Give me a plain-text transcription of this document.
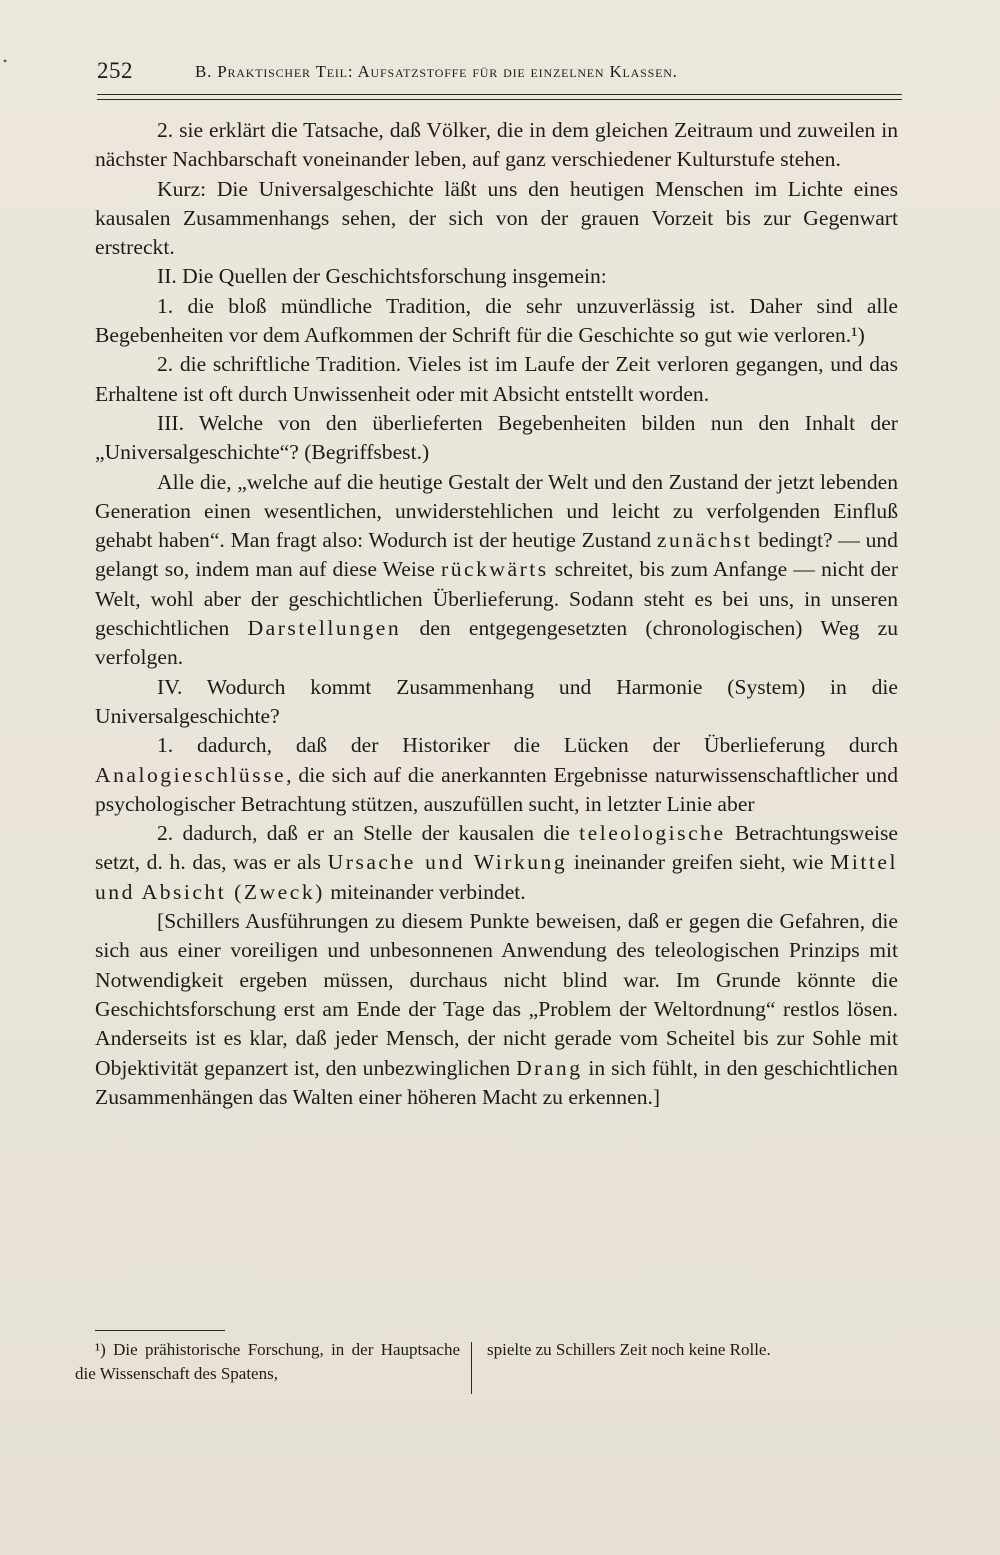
•	252	B. Praktischer Teil: Aufsatzstoffe für die einzelnen Klassen.

2. sie erklärt die Tatsache, daß Völker, die in dem gleichen Zeitraum und zuweilen in nächster Nachbarschaft voneinander leben, auf ganz verschiedener Kulturstufe stehen.

Kurz: Die Universalgeschichte läßt uns den heutigen Menschen im Lichte eines kausalen Zusammenhangs sehen, der sich von der grauen Vorzeit bis zur Gegenwart erstreckt.

II. Die Quellen der Geschichtsforschung insgemein:

1. die bloß mündliche Tradition, die sehr unzuverlässig ist. Daher sind alle Begebenheiten vor dem Aufkommen der Schrift für die Geschichte so gut wie verloren.¹)

2. die schriftliche Tradition. Vieles ist im Laufe der Zeit verloren gegangen, und das Erhaltene ist oft durch Unwissenheit oder mit Absicht entstellt worden.

III. Welche von den überlieferten Begebenheiten bilden nun den Inhalt der „Universalgeschichte“? (Begriffsbest.)

Alle die, „welche auf die heutige Gestalt der Welt und den Zustand der jetzt lebenden Generation einen wesentlichen, unwiderstehlichen und leicht zu verfolgenden Einfluß gehabt haben“. Man fragt also: Wodurch ist der heutige Zustand zunächst bedingt? — und gelangt so, indem man auf diese Weise rückwärts schreitet, bis zum Anfange — nicht der Welt, wohl aber der geschichtlichen Überlieferung. Sodann steht es bei uns, in unseren geschichtlichen Darstellungen den entgegengesetzten (chronologischen) Weg zu verfolgen.

IV. Wodurch kommt Zusammenhang und Harmonie (System) in die Universalgeschichte?

1. dadurch, daß der Historiker die Lücken der Überlieferung durch Analogieschlüsse, die sich auf die anerkannten Ergebnisse naturwissenschaftlicher und psychologischer Betrachtung stützen, auszufüllen sucht, in letzter Linie aber

2. dadurch, daß er an Stelle der kausalen die teleologische Betrachtungsweise setzt, d. h. das, was er als Ursache und Wirkung ineinander greifen sieht, wie Mittel und Absicht (Zweck) miteinander verbindet.

[Schillers Ausführungen zu diesem Punkte beweisen, daß er gegen die Gefahren, die sich aus einer voreiligen und unbesonnenen Anwendung des teleologischen Prinzips mit Notwendigkeit ergeben müssen, durchaus nicht blind war. Im Grunde könnte die Geschichtsforschung erst am Ende der Tage das „Problem der Weltordnung“ restlos lösen. Anderseits ist es klar, daß jeder Mensch, der nicht gerade vom Scheitel bis zur Sohle mit Objektivität gepanzert ist, den unbezwinglichen Drang in sich fühlt, in den geschichtlichen Zusammenhängen das Walten einer höheren Macht zu erkennen.]

¹) Die prähistorische Forschung, in der Hauptsache die Wissenschaft des Spatens,

spielte zu Schillers Zeit noch keine Rolle.
